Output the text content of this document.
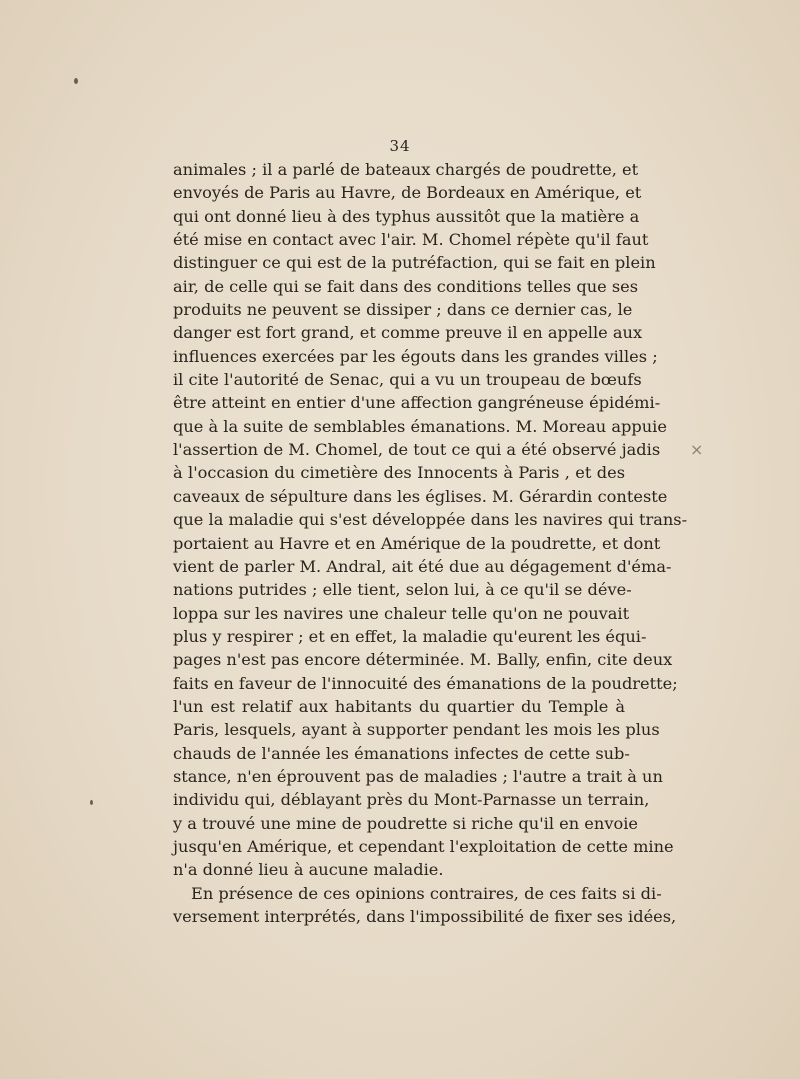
34
animales ; il a parlé de bateaux chargés de poudrette, et
envoyés de Paris au Havre, de Bordeaux en Amérique, et
qui ont donné lieu à des typhus aussitôt que la matière a
été mise en contact avec l'air. M. Chomel répète qu'il faut
distinguer ce qui est de la putréfaction, qui se fait en plein
air, de celle qui se fait dans des conditions telles que ses
produits ne peuvent se dissiper ; dans ce dernier cas, le
danger est fort grand, et comme preuve il en appelle aux
influences exercées par les égouts dans les grandes villes ;
il cite l'autorité de Senac, qui a vu un troupeau de bœufs
être atteint en entier d'une affection gangréneuse épidémi-
que à la suite de semblables émanations. M. Moreau appuie
l'assertion de M. Chomel, de tout ce qui a été observé jadis
à l'occasion du cimetière des Innocents à Paris , et des
caveaux de sépulture dans les églises. M. Gérardin conteste
que la maladie qui s'est développée dans les navires qui trans-
portaient au Havre et en Amérique de la poudrette, et dont
vient de parler M. Andral, ait été due au dégagement d'éma-
nations putrides ; elle tient, selon lui, à ce qu'il se déve-
loppa sur les navires une chaleur telle qu'on ne pouvait
plus y respirer ; et en effet, la maladie qu'eurent les équi-
pages n'est pas encore déterminée. M. Bally, enfin, cite deux
faits en faveur de l'innocuité des émanations de la poudrette;
l'un est relatif aux habitants du quartier du Temple à
Paris, lesquels, ayant à supporter pendant les mois les plus
chauds de l'année les émanations infectes de cette sub-
stance, n'en éprouvent pas de maladies ; l'autre a trait à un
individu qui, déblayant près du Mont-Parnasse un terrain,
y a trouvé une mine de poudrette si riche qu'il en envoie
jusqu'en Amérique, et cependant l'exploitation de cette mine
n'a donné lieu à aucune maladie.
En présence de ces opinions contraires, de ces faits si di-
versement interprétés, dans l'impossibilité de fixer ses idées,
×
